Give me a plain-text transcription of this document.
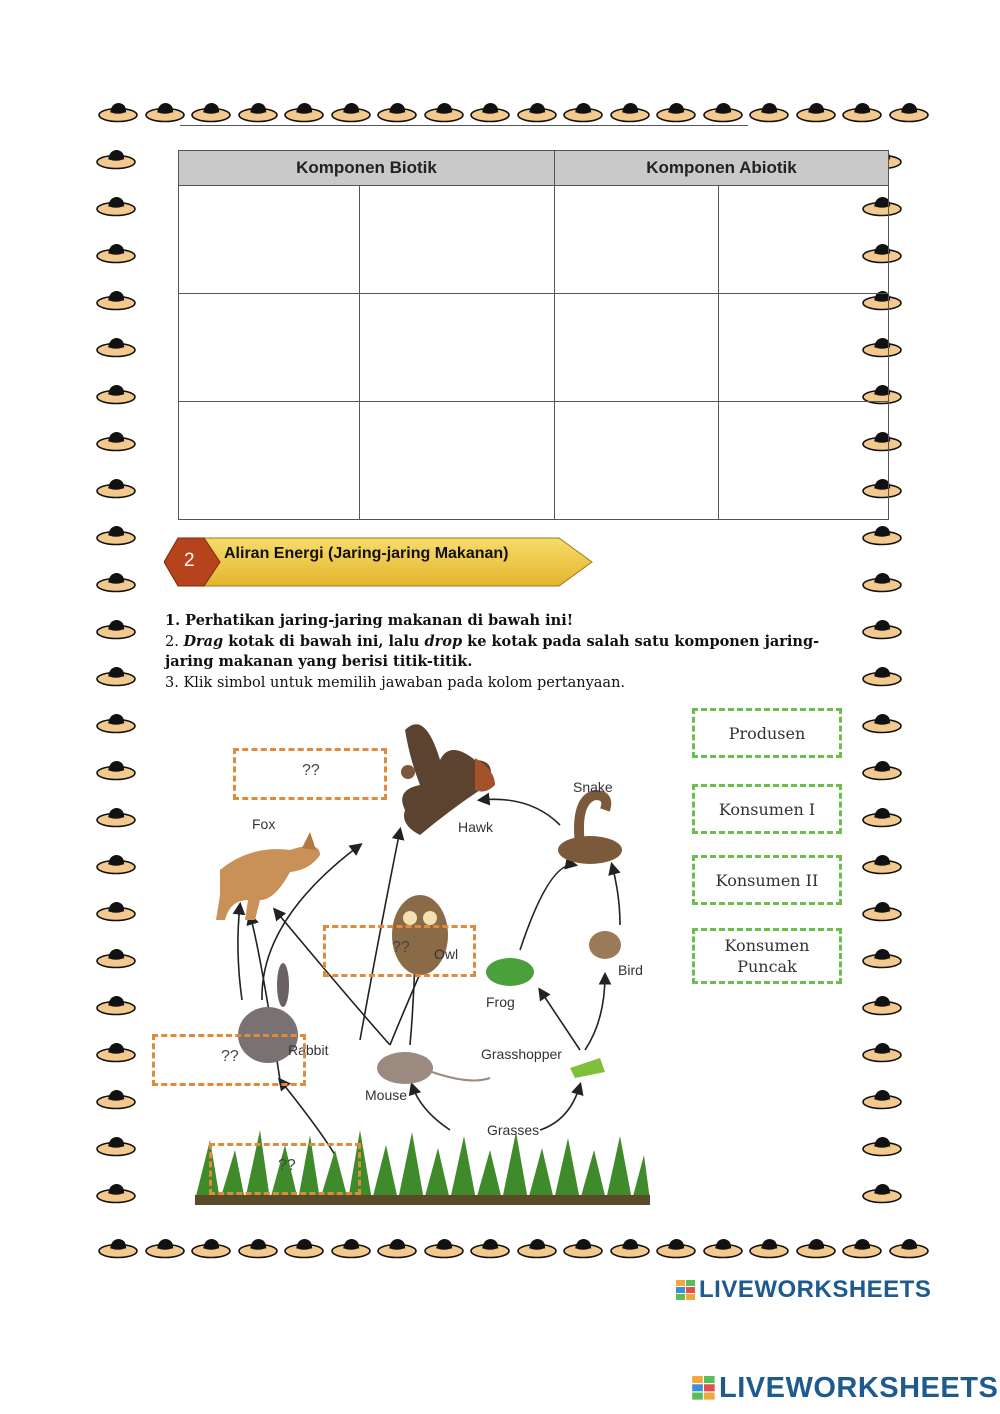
Komponen Biotik		Komponen Abiotik	

2 Aliran Energi (Jaring-jaring Makanan)
1. Perhatikan jaring-jaring makanan di bawah ini!
2. Drag kotak di bawah ini, lalu drop ke kotak pada salah satu komponen jaring-
jaring makanan yang berisi titik-titik.
3. Klik simbol untuk memilih jawaban pada kolom pertanyaan.
Fox	Hawk
Snake
Owl
Frog
Bird
Rabbit
Mouse
Grasshopper
Grasses
??
??
??
??
Produsen
Konsumen I
Konsumen II
Konsumen
Puncak
LIVEWORKSHEETS
LIVEWORKSHEETS
